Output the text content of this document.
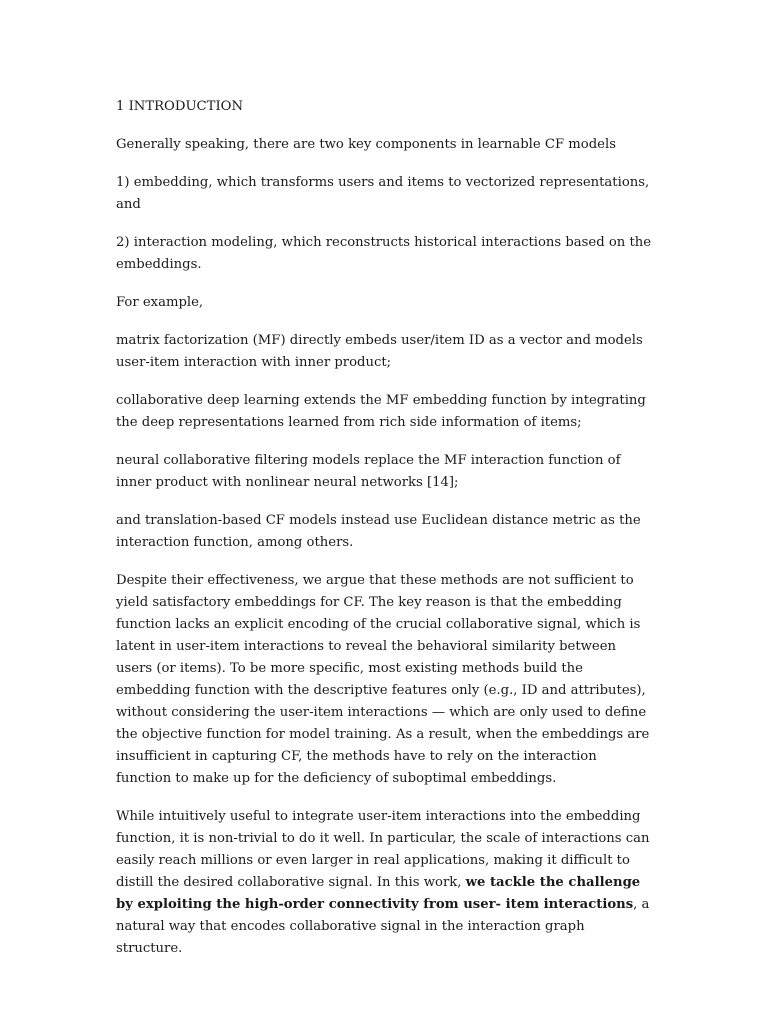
1 INTRODUCTION

Generally speaking, there are two key components in learnable CF models

1) embedding, which transforms users and items to vectorized representations, and

2) interaction modeling, which reconstructs historical interactions based on the embeddings.

For example,

matrix factorization (MF) directly embeds user/item ID as a vector and models user-item interaction with inner product;

collaborative deep learning extends the MF embedding function by integrating the deep representations learned from rich side information of items;

neural collaborative filtering models replace the MF interaction function of inner product with nonlinear neural networks [14];

and translation-based CF models instead use Euclidean distance metric as the interaction function, among others.

Despite their effectiveness, we argue that these methods are not sufficient to yield satisfactory embeddings for CF. The key reason is that the embedding function lacks an explicit encoding of the crucial collaborative signal, which is latent in user-item interactions to reveal the behavioral similarity between users (or items). To be more specific, most existing methods build the embedding function with the descriptive features only (e.g., ID and attributes), without considering the user-item interactions — which are only used to define the objective function for model training. As a result, when the embeddings are insufficient in capturing CF, the methods have to rely on the interaction function to make up for the deficiency of suboptimal embeddings.

While intuitively useful to integrate user-item interactions into the embedding function, it is non-trivial to do it well. In particular, the scale of interactions can easily reach millions or even larger in real applications, making it difficult to distill the desired collaborative signal. In this work, we tackle the challenge by exploiting the high-order connectivity from user- item interactions, a natural way that encodes collaborative signal in the interaction graph structure.
